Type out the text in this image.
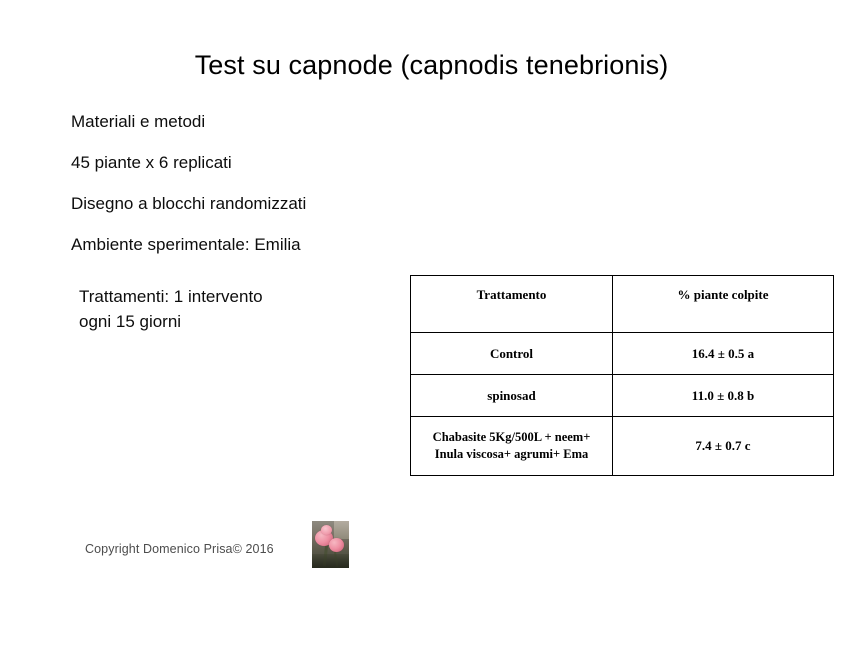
Test su capnode (capnodis tenebrionis)

Materiali e metodi

45 piante x 6 replicati

Disegno a blocchi randomizzati

Ambiente sperimentale: Emilia

Trattamenti: 1 intervento

ogni 15 giorni

Trattamento	% piante colpite
Control	16.4 ± 0.5 a
spinosad	11.0 ± 0.8 b
Chabasite 5Kg/500L + neem+
Inula viscosa+ agrumi+ Ema	7.4 ± 0.7 c
Copyright Domenico Prisa© 2016
